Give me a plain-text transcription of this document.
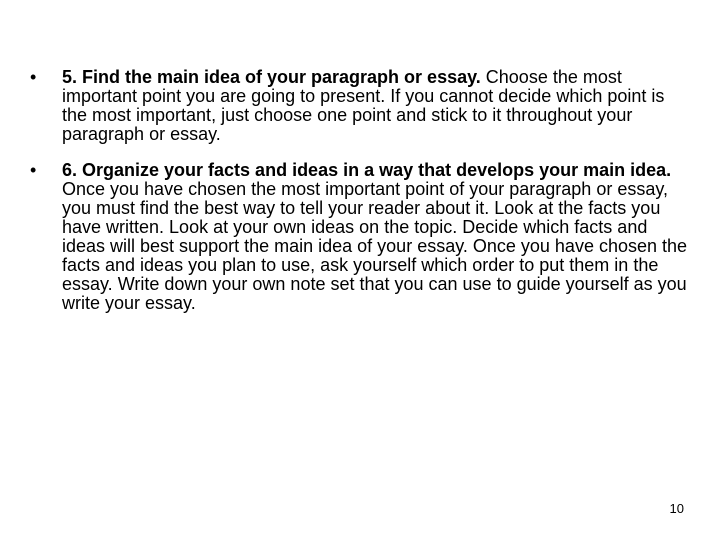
• 5. Find the main idea of your paragraph or essay. Choose the most important point you are going to present. If you cannot decide which point is the most important, just choose one point and stick to it throughout your paragraph or essay.
• 6. Organize your facts and ideas in a way that develops your main idea. Once you have chosen the most important point of your paragraph or essay, you must find the best way to tell your reader about it. Look at the facts you have written. Look at your own ideas on the topic. Decide which facts and ideas will best support the main idea of your essay. Once you have chosen the facts and ideas you plan to use, ask yourself which order to put them in the essay. Write down your own note set that you can use to guide yourself as you write your essay.
10
